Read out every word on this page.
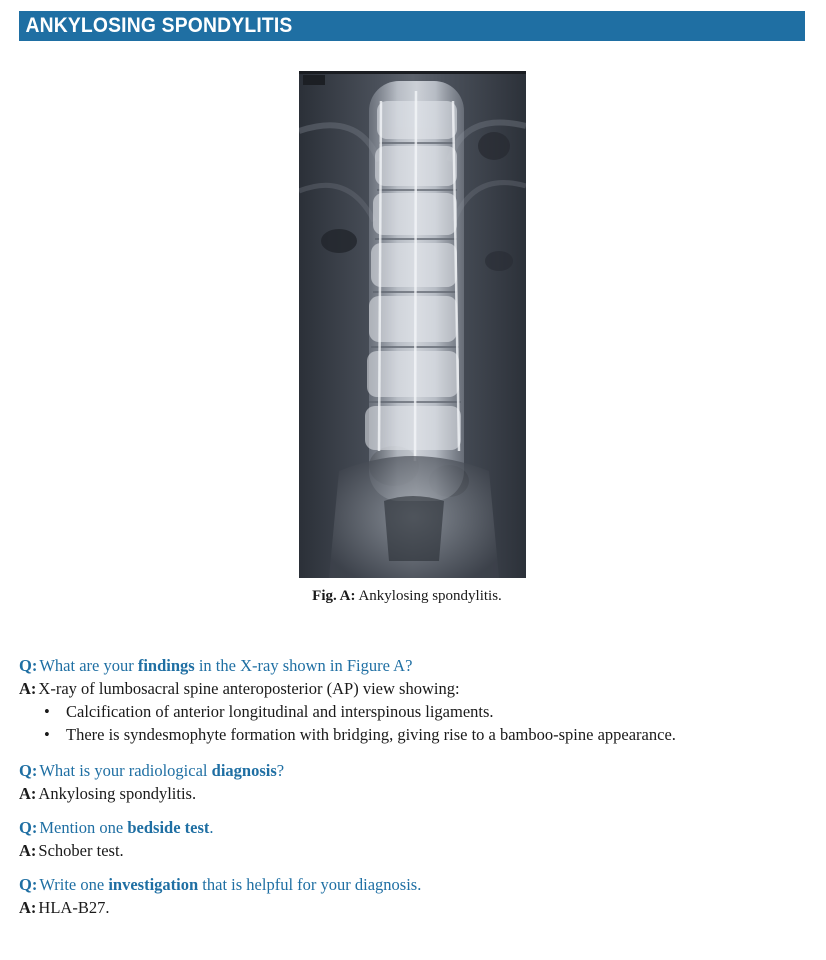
ANKYLOSING SPONDYLITIS
Fig. A: Ankylosing spondylitis.
Q: What are your findings in the X-ray shown in Figure A?
A: X-ray of lumbosacral spine anteroposterior (AP) view showing:
• Calcification of anterior longitudinal and interspinous ligaments.
• There is syndesmophyte formation with bridging, giving rise to a bamboo-spine appearance.
Q: What is your radiological diagnosis?
A: Ankylosing spondylitis.
Q: Mention one bedside test.
A: Schober test.
Q: Write one investigation that is helpful for your diagnosis.
A: HLA-B27.
